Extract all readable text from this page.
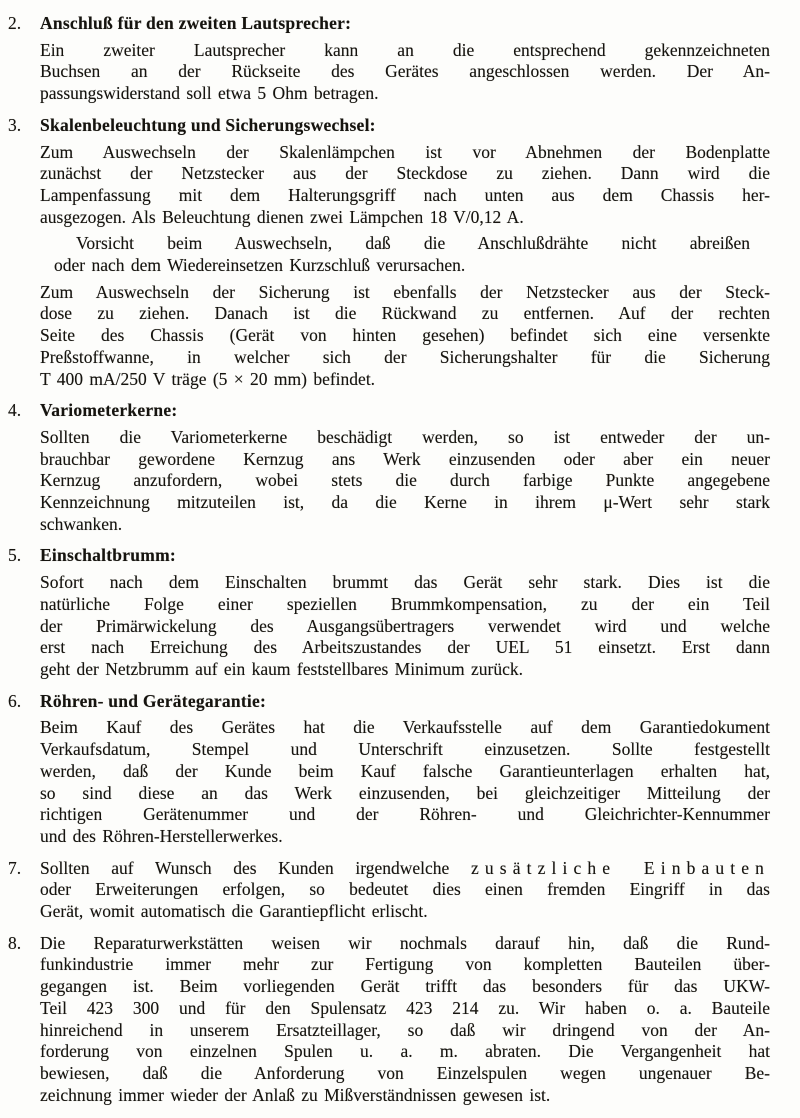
2.	Anschluß für den zweiten Lautsprecher:
Ein zweiter Lautsprecher kann an die entsprechend gekennzeichneten
Buchsen an der Rückseite des Gerätes angeschlossen werden. Der An-
passungswiderstand soll etwa 5 Ohm betragen.
3.	Skalenbeleuchtung und Sicherungswechsel:
Zum Auswechseln der Skalenlämpchen ist vor Abnehmen der Bodenplatte
zunächst der Netzstecker aus der Steckdose zu ziehen. Dann wird die
Lampenfassung mit dem Halterungsgriff nach unten aus dem Chassis her-
ausgezogen. Als Beleuchtung dienen zwei Lämpchen 18 V/0,12 A.
Vorsicht beim Auswechseln, daß die Anschlußdrähte nicht abreißen
oder nach dem Wiedereinsetzen Kurzschluß verursachen.
Zum Auswechseln der Sicherung ist ebenfalls der Netzstecker aus der Steck-
dose zu ziehen. Danach ist die Rückwand zu entfernen. Auf der rechten
Seite des Chassis (Gerät von hinten gesehen) befindet sich eine versenkte
Preßstoffwanne, in welcher sich der Sicherungshalter für die Sicherung
T 400 mA/250 V träge (5 × 20 mm) befindet.
4.	Variometerkerne:
Sollten die Variometerkerne beschädigt werden, so ist entweder der un-
brauchbar gewordene Kernzug ans Werk einzusenden oder aber ein neuer
Kernzug anzufordern, wobei stets die durch farbige Punkte angegebene
Kennzeichnung mitzuteilen ist, da die Kerne in ihrem μ-Wert sehr stark
schwanken.
5.	Einschaltbrumm:
Sofort nach dem Einschalten brummt das Gerät sehr stark. Dies ist die
natürliche Folge einer speziellen Brummkompensation, zu der ein Teil
der Primärwickelung des Ausgangsübertragers verwendet wird und welche
erst nach Erreichung des Arbeitszustandes der UEL 51 einsetzt. Erst dann
geht der Netzbrumm auf ein kaum feststellbares Minimum zurück.
6.	Röhren- und Gerätegarantie:
Beim Kauf des Gerätes hat die Verkaufsstelle auf dem Garantiedokument
Verkaufsdatum, Stempel und Unterschrift einzusetzen. Sollte festgestellt
werden, daß der Kunde beim Kauf falsche Garantieunterlagen erhalten hat,
so sind diese an das Werk einzusenden, bei gleichzeitiger Mitteilung der
richtigen Gerätenummer und der Röhren- und Gleichrichter-Kennummer
und des Röhren-Herstellerwerkes.
7.	Sollten auf Wunsch des Kunden irgendwelche zusätzliche Einbauten
oder Erweiterungen erfolgen, so bedeutet dies einen fremden Eingriff in das
Gerät, womit automatisch die Garantiepflicht erlischt.
8.	Die Reparaturwerkstätten weisen wir nochmals darauf hin, daß die Rund-
funkindustrie immer mehr zur Fertigung von kompletten Bauteilen über-
gegangen ist. Beim vorliegenden Gerät trifft das besonders für das UKW-
Teil 423 300 und für den Spulensatz 423 214 zu. Wir haben o. a. Bauteile
hinreichend in unserem Ersatzteillager, so daß wir dringend von der An-
forderung von einzelnen Spulen u. a. m. abraten. Die Vergangenheit hat
bewiesen, daß die Anforderung von Einzelspulen wegen ungenauer Be-
zeichnung immer wieder der Anlaß zu Mißverständnissen gewesen ist.
